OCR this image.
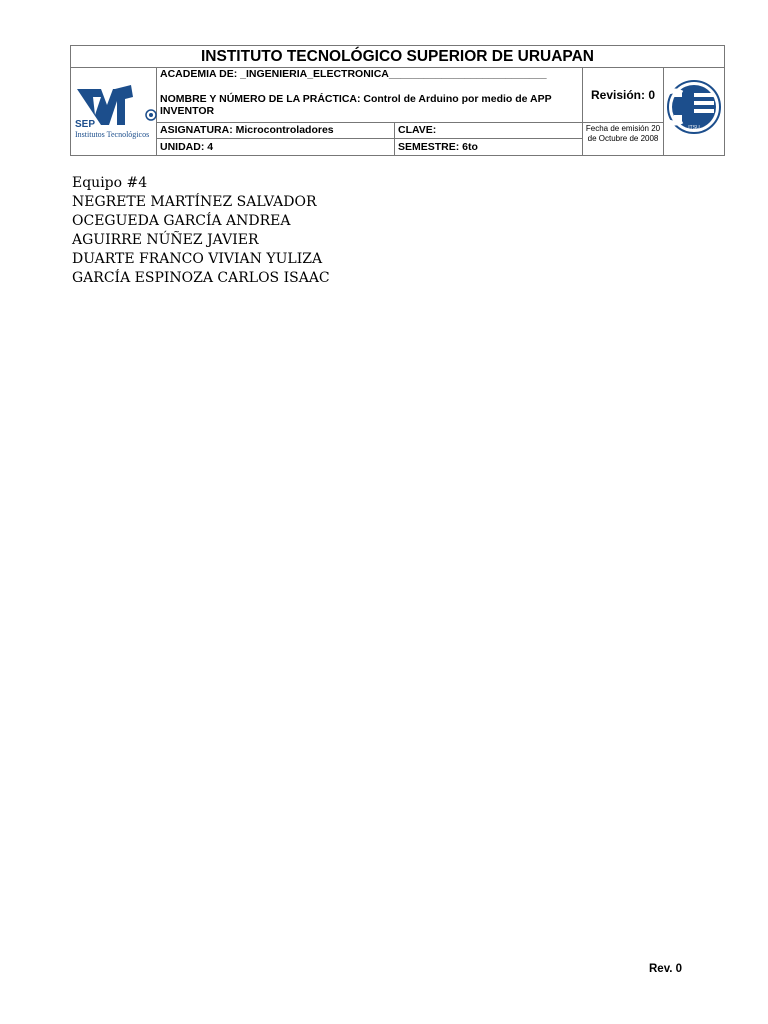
INSTITUTO TECNOLÓGICO SUPERIOR DE URUAPAN
SEP
Institutos Tecnológicos
ACADEMIA DE: _INGENIERIA_ELECTRONICA___________________________
NOMBRE Y NÚMERO DE LA PRÁCTICA: Control de Arduino por medio de APP INVENTOR
ASIGNATURA: Microcontroladores	CLAVE:
UNIDAD: 4	SEMESTRE: 6to
Revisión: 0
Fecha de emisión 20 de Octubre de 2008
ITSU
Equipo #4
NEGRETE MARTÍNEZ SALVADOR
OCEGUEDA GARCÍA ANDREA
AGUIRRE NÚÑEZ JAVIER
DUARTE FRANCO VIVIAN YULIZA
GARCÍA ESPINOZA CARLOS ISAAC
Rev. 0
